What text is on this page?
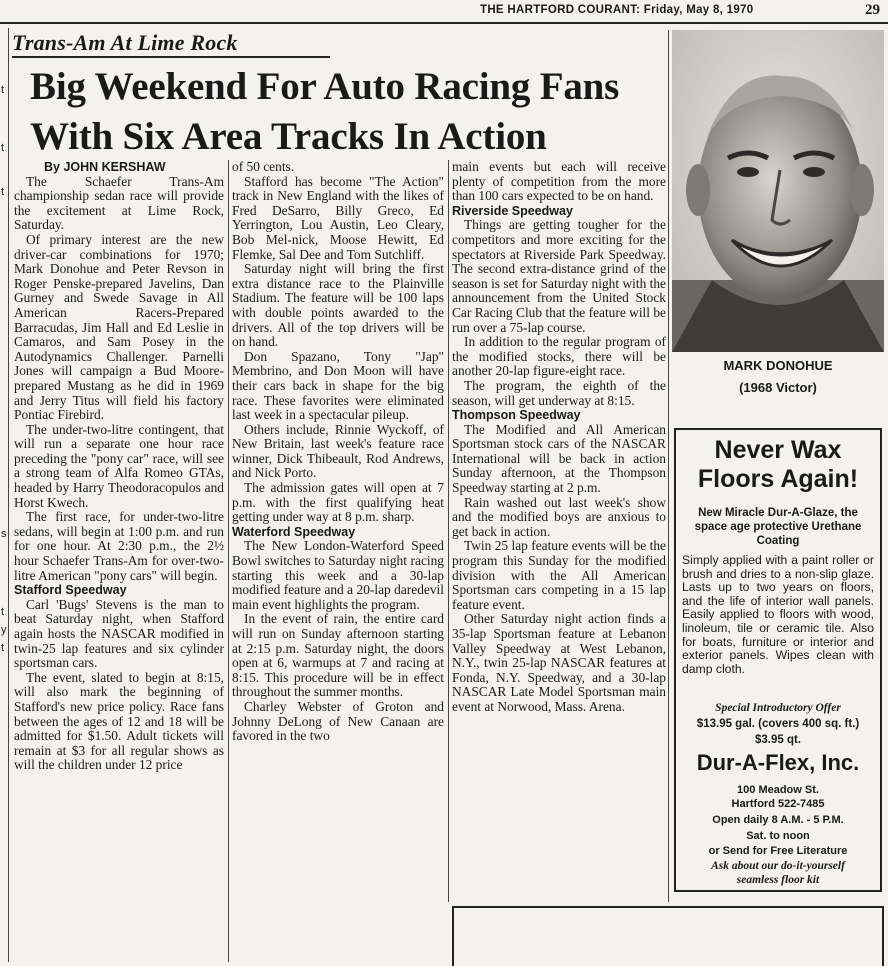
THE HARTFORD COURANT: Friday, May 8, 1970	29
Trans-Am At Lime Rock
Big Weekend For Auto Racing Fans
With Six Area Tracks In Action

By JOHN KERSHAW

The Schaefer Trans-Am championship sedan race will provide the excitement at Lime Rock, Saturday.

Of primary interest are the new driver-car combinations for 1970; Mark Donohue and Peter Revson in Roger Penske-prepared Javelins, Dan Gurney and Swede Savage in All American Racers-Prepared Barracudas, Jim Hall and Ed Leslie in Camaros, and Sam Posey in the Autodynamics Challenger. Parnelli Jones will campaign a Bud Moore-prepared Mustang as he did in 1969 and Jerry Titus will field his factory Pontiac Firebird.

The under-two-litre contingent, that will run a separate one hour race preceding the "pony car" race, will see a strong team of Alfa Romeo GTAs, headed by Harry Theodoracopulos and Horst Kwech.

The first race, for under-two-litre sedans, will begin at 1:00 p.m. and run for one hour. At 2:30 p.m., the 2½ hour Schaefer Trans-Am for over-two-litre American "pony cars" will begin.

Stafford Speedway

Carl 'Bugs' Stevens is the man to beat Saturday night, when Stafford again hosts the NASCAR modified in twin-25 lap features and six cylinder sportsman cars.

The event, slated to begin at 8:15, will also mark the beginning of Stafford's new price policy. Race fans between the ages of 12 and 18 will be admitted for $1.50. Adult tickets will remain at $3 for all regular shows as will the children under 12 price

of 50 cents.

Stafford has become "The Action" track in New England with the likes of Fred DeSarro, Billy Greco, Ed Yerrington, Lou Austin, Leo Cleary, Bob Mel-nick, Moose Hewitt, Ed Flemke, Sal Dee and Tom Sutchliff.

Saturday night will bring the first extra distance race to the Plainville Stadium. The feature will be 100 laps with double points awarded to the drivers. All of the top drivers will be on hand.

Don Spazano, Tony "Jap" Membrino, and Don Moon will have their cars back in shape for the big race. These favorites were eliminated last week in a spectacular pileup.

Others include, Rinnie Wyckoff, of New Britain, last week's feature race winner, Dick Thibeault, Rod Andrews, and Nick Porto.

The admission gates will open at 7 p.m. with the first qualifying heat getting under way at 8 p.m. sharp.

Waterford Speedway

The New London-Waterford Speed Bowl switches to Saturday night racing starting this week and a 30-lap modified feature and a 20-lap daredevil main event highlights the program.

In the event of rain, the entire card will run on Sunday afternoon starting at 2:15 p.m. Saturday night, the doors open at 6, warmups at 7 and racing at 8:15. This procedure will be in effect throughout the summer months.

Charley Webster of Groton and Johnny DeLong of New Canaan are favored in the two

main events but each will receive plenty of competition from the more than 100 cars expected to be on hand.

Riverside Speedway

Things are getting tougher for the competitors and more exciting for the spectators at Riverside Park Speedway. The second extra-distance grind of the season is set for Saturday night with the announcement from the United Stock Car Racing Club that the feature will be run over a 75-lap course.

In addition to the regular program of the modified stocks, there will be another 20-lap figure-eight race.

The program, the eighth of the season, will get underway at 8:15.

Thompson Speedway

The Modified and All American Sportsman stock cars of the NASCAR International will be back in action Sunday afternoon, at the Thompson Speedway starting at 2 p.m.

Rain washed out last week's show and the modified boys are anxious to get back in action.

Twin 25 lap feature events will be the program this Sunday for the modified division with the All American Sportsman cars competing in a 15 lap feature event.

Other Saturday night action finds a 35-lap Sportsman feature at Lebanon Valley Speedway at West Lebanon, N.Y., twin 25-lap NASCAR features at Fonda, N.Y. Speedway, and a 30-lap NASCAR Late Model Sportsman main event at Norwood, Mass. Arena.

MARK DONOHUE
(1968 Victor)
Never Wax
Floors Again!
New Miracle Dur-A-Glaze, the space age protective Urethane Coating
Simply applied with a paint roller or brush and dries to a non-slip glaze. Lasts up to two years on floors, and the life of interior wall panels. Easily applied to floors with wood, linoleum, tile or ceramic tile. Also for boats, furniture or interior and exterior panels. Wipes clean with damp cloth.
Special Introductory Offer
$13.95 gal. (covers 400 sq. ft.)
$3.95 qt.
Dur-A-Flex, Inc.
100 Meadow St.
Hartford 522-7485
Open daily 8 A.M. - 5 P.M.
Sat. to noon
or Send for Free Literature
Ask about our do-it-yourself
seamless floor kit
t
t
t
s
t
y
t
